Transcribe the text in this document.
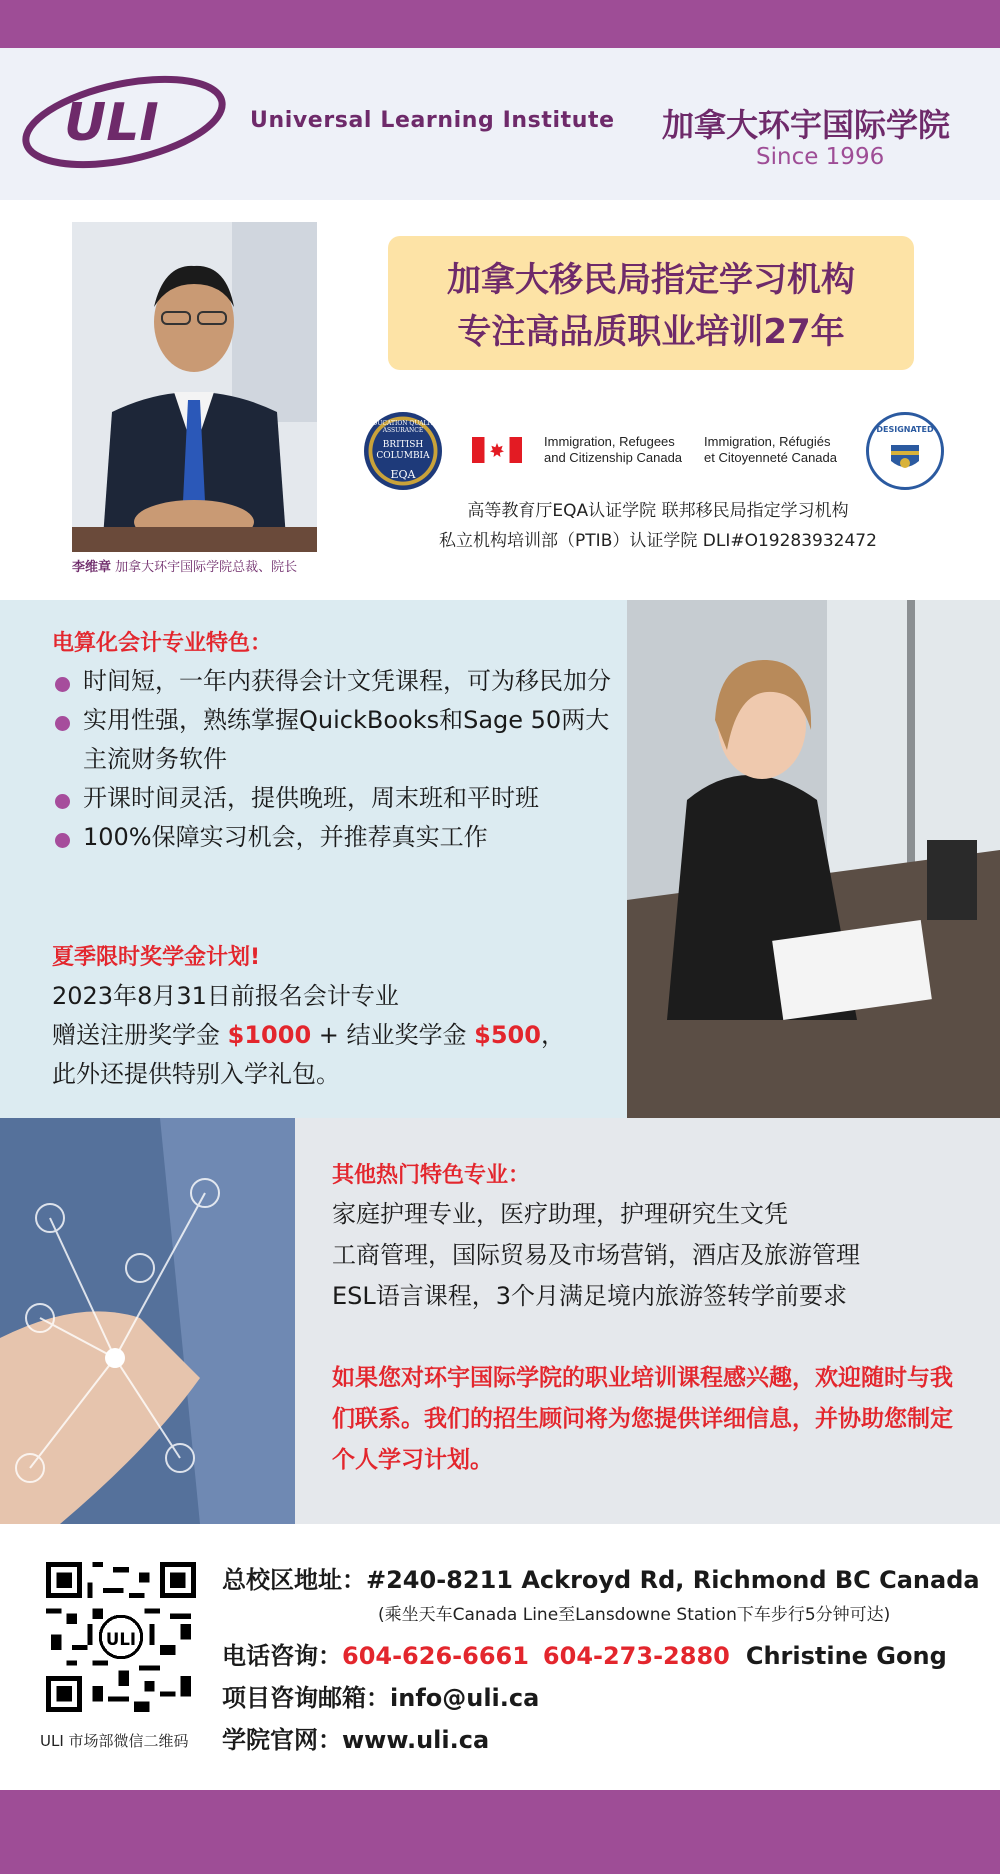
ULI	Universal Learning Institute 加拿大环宇国际学院
Since 1996
李维章 加拿大环宇国际学院总裁、院长
加拿大移民局指定学习机构
专注高品质职业培训27年
EDUCATION QUALITY ASSURANCE
BRITISH
COLUMBIA
EQA
Immigration, Refugees
and Citizenship Canada
Immigration, Réfugiés
et Citoyenneté Canada
DESIGNATED
高等教育厅EQA认证学院 联邦移民局指定学习机构
私立机构培训部（PTIB）认证学院 DLI#O19283932472
电算化会计专业特色：
时间短，一年内获得会计文凭课程，可为移民加分
实用性强，熟练掌握QuickBooks和Sage 50两大主流财务软件
开课时间灵活，提供晚班，周末班和平时班
100%保障实习机会，并推荐真实工作
夏季限时奖学金计划!
2023年8月31日前报名会计专业
赠送注册奖学金 $1000 + 结业奖学金 $500，
此外还提供特别入学礼包。
其他热门特色专业：
家庭护理专业，医疗助理，护理研究生文凭
工商管理，国际贸易及市场营销，酒店及旅游管理
ESL语言课程，3个月满足境内旅游签转学前要求
如果您对环宇国际学院的职业培训课程感兴趣，欢迎随时与我们联系。我们的招生顾问将为您提供详细信息，并协助您制定个人学习计划。
ULI
ULI 市场部微信二维码
总校区地址：#240-8211 Ackroyd Rd, Richmond BC Canada
(乘坐天车Canada Line至Lansdowne Station下车步行5分钟可达)
电话咨询：604-626-6661 604-273-2880 Christine Gong
项目咨询邮箱：info@uli.ca
学院官网：www.uli.ca
